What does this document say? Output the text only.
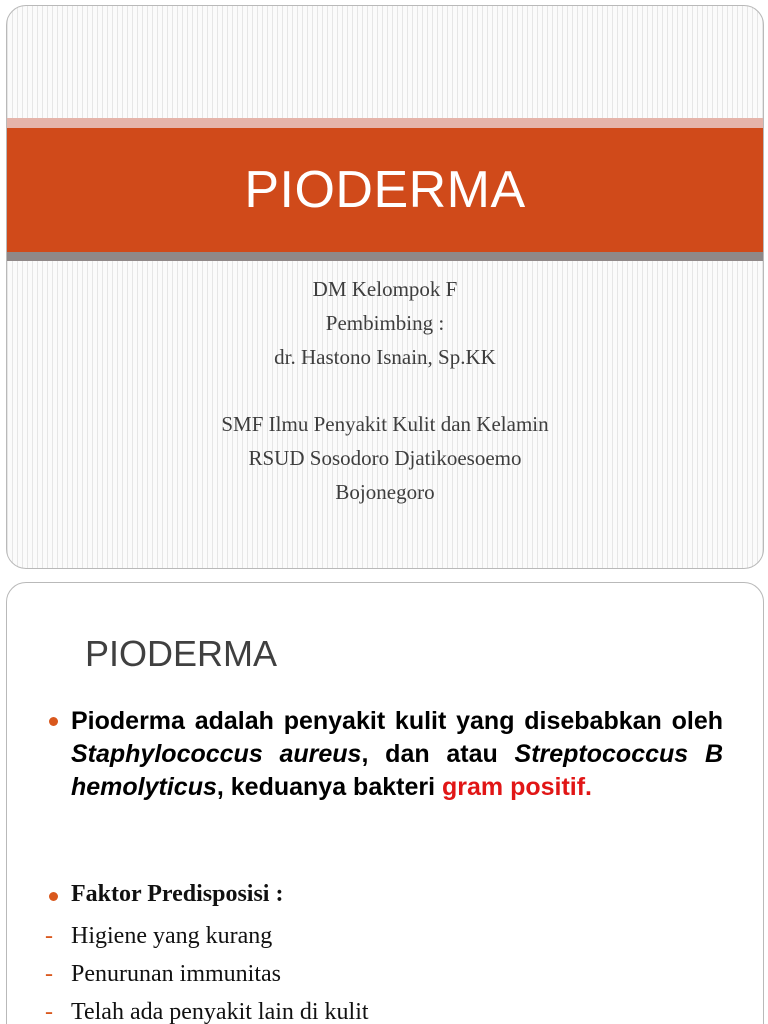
PIODERMA
DM Kelompok F
Pembimbing :
dr. Hastono Isnain, Sp.KK
SMF Ilmu Penyakit Kulit dan Kelamin
RSUD Sosodoro Djatikoesoemo
Bojonegoro
PIODERMA
Pioderma adalah penyakit kulit yang disebabkan oleh Staphylococcus aureus, dan atau Streptococcus B hemolyticus, keduanya bakteri gram positif.
Faktor Predisposisi :
- Higiene yang kurang
- Penurunan immunitas
- Telah ada penyakit lain di kulit
